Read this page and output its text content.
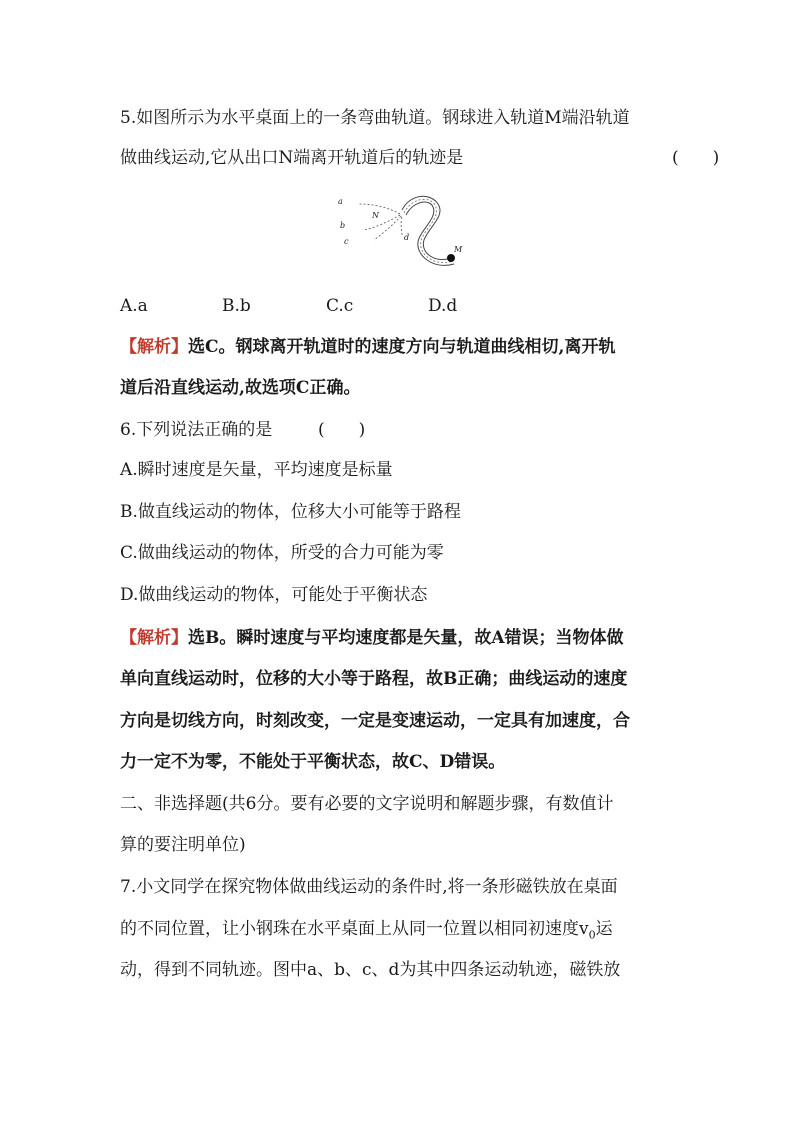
5.如图所示为水平桌面上的一条弯曲轨道。钢球进入轨道M端沿轨道
做曲线运动,它从出口N端离开轨道后的轨迹是	(　　)
a
b
c	d
N
M
A.a	B.b	C.c	D.d
【解析】选C。钢球离开轨道时的速度方向与轨道曲线相切,离开轨
道后沿直线运动,故选项C正确。
6.下列说法正确的是	(　　)
A.瞬时速度是矢量，平均速度是标量
B.做直线运动的物体，位移大小可能等于路程
C.做曲线运动的物体，所受的合力可能为零
D.做曲线运动的物体，可能处于平衡状态
【解析】选B。瞬时速度与平均速度都是矢量，故A错误；当物体做
单向直线运动时，位移的大小等于路程，故B正确；曲线运动的速度
方向是切线方向，时刻改变，一定是变速运动，一定具有加速度，合
力一定不为零，不能处于平衡状态，故C、D错误。
二、非选择题(共6分。要有必要的文字说明和解题步骤，有数值计
算的要注明单位)
7.小文同学在探究物体做曲线运动的条件时,将一条形磁铁放在桌面
的不同位置，让小钢珠在水平桌面上从同一位置以相同初速度$v_0$运
动，得到不同轨迹。图中a、b、c、d为其中四条运动轨迹，磁铁放
